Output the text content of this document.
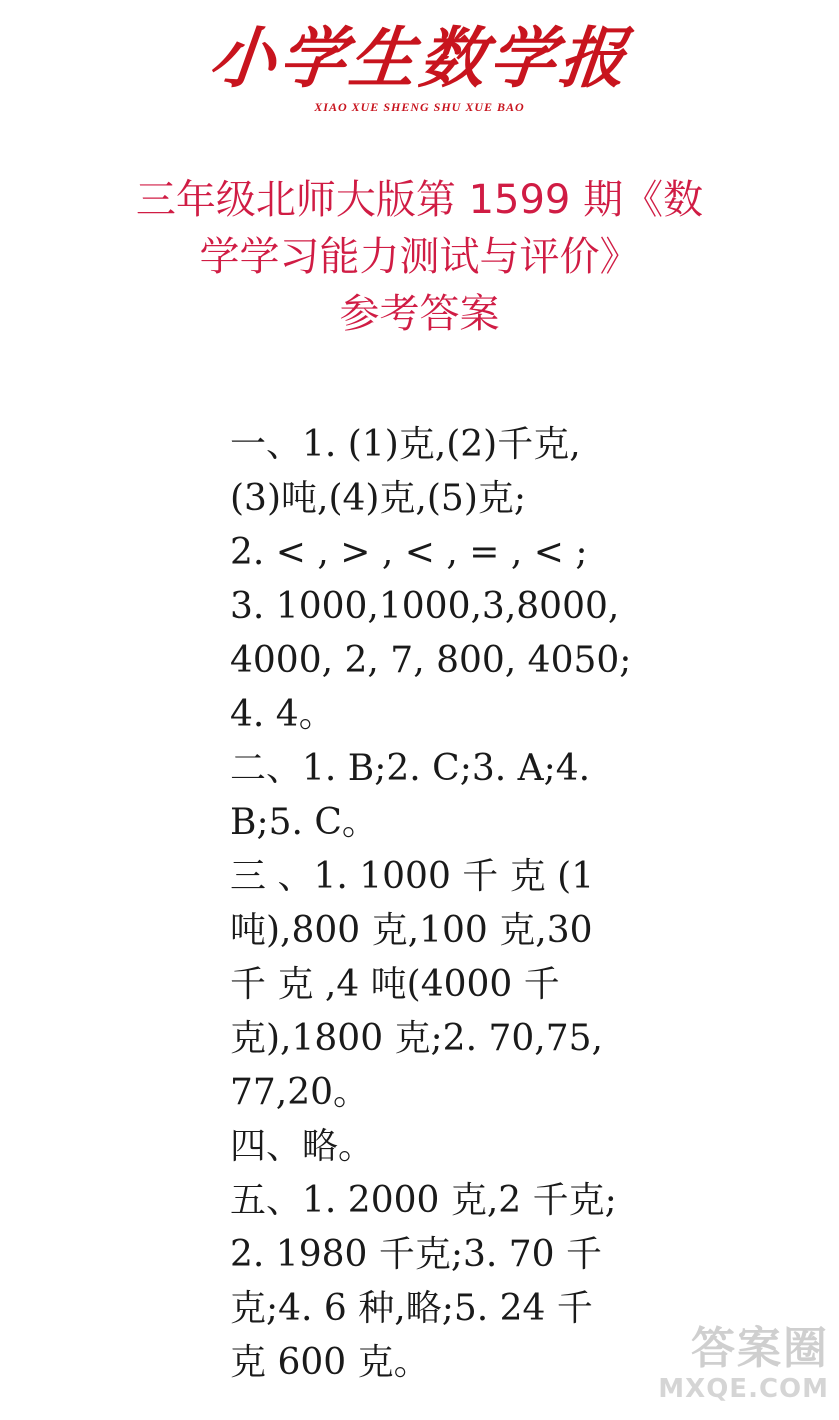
小学生数学报
XIAO XUE SHENG SHU XUE BAO
三年级北师大版第 1599 期《数
学学习能力测试与评价》
参考答案
一、1. (1)克,(2)千克,
(3)吨,(4)克,(5)克;
2. < , > , < , = , < ;
3. 1000,1000,3,8000,
4000, 2, 7, 800, 4050;
4. 4。
二、1. B;2. C;3. A;4.
B;5. C。
三 、1. 1000 千 克 (1
吨),800 克,100 克,30
千 克 ,4 吨(4000 千
克),1800 克;2. 70,75,
77,20。
四、略。
五、1. 2000 克,2 千克;
2. 1980 千克;3. 70 千
克;4. 6 种,略;5. 24 千
克 600 克。	答案圈
MXQE.COM
